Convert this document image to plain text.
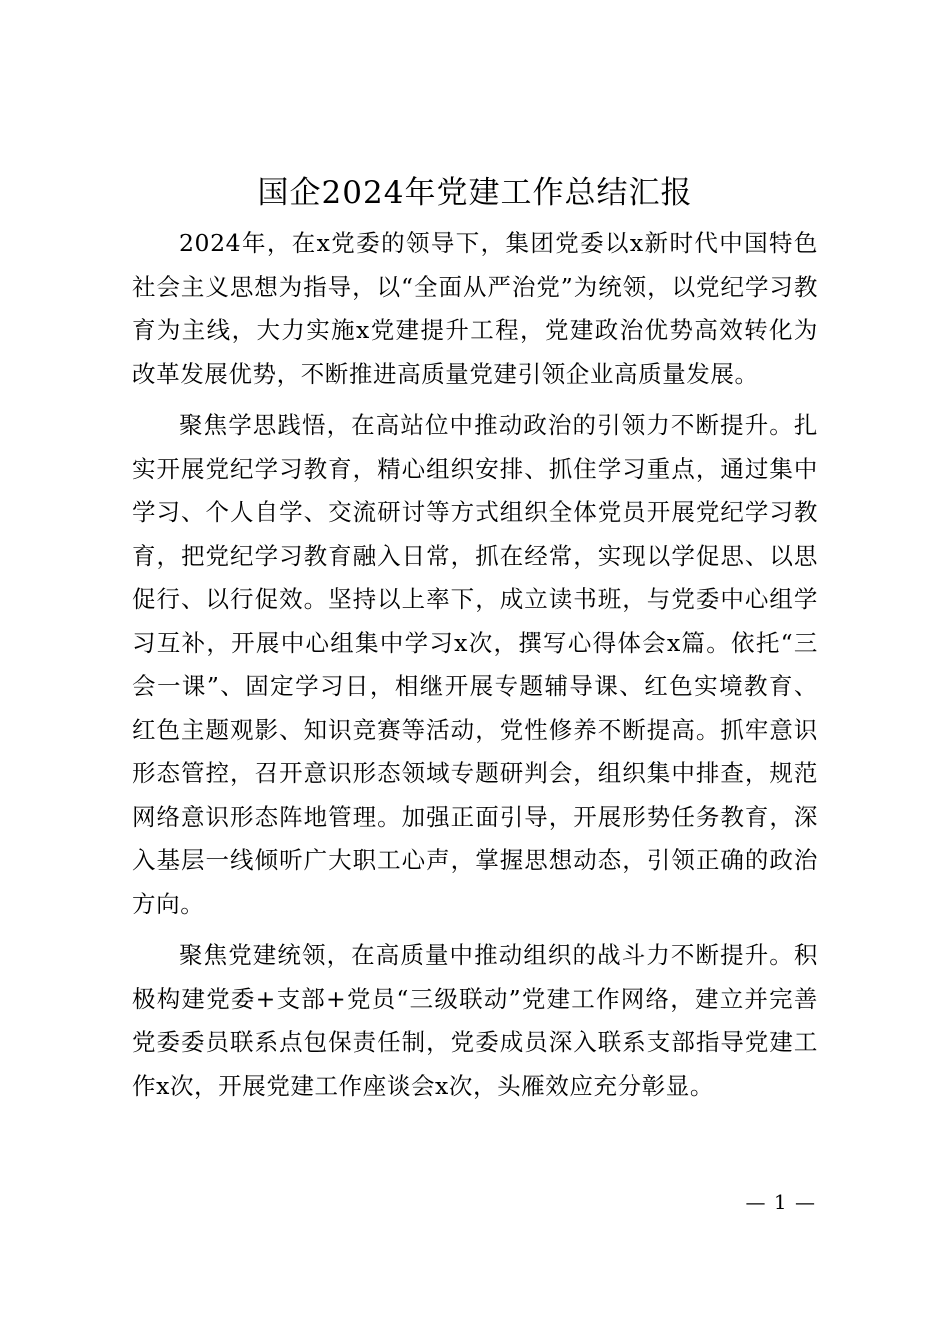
国企2024年党建工作总结汇报

2024年，在x党委的领导下，集团党委以x新时代中国特色社会主义思想为指导，以“全面从严治党”为统领，以党纪学习教育为主线，大力实施x党建提升工程，党建政治优势高效转化为改革发展优势，不断推进高质量党建引领企业高质量发展。

聚焦学思践悟，在高站位中推动政治的引领力不断提升。扎实开展党纪学习教育，精心组织安排、抓住学习重点，通过集中学习、个人自学、交流研讨等方式组织全体党员开展党纪学习教育，把党纪学习教育融入日常，抓在经常，实现以学促思、以思促行、以行促效。坚持以上率下，成立读书班，与党委中心组学习互补，开展中心组集中学习x次，撰写心得体会x篇。依托“三会一课”、固定学习日，相继开展专题辅导课、红色实境教育、红色主题观影、知识竞赛等活动，党性修养不断提高。抓牢意识形态管控，召开意识形态领域专题研判会，组织集中排查，规范网络意识形态阵地管理。加强正面引导，开展形势任务教育，深入基层一线倾听广大职工心声，掌握思想动态，引领正确的政治方向。

聚焦党建统领，在高质量中推动组织的战斗力不断提升。积极构建党委+支部+党员“三级联动”党建工作网络，建立并完善党委委员联系点包保责任制，党委成员深入联系支部指导党建工作x次，开展党建工作座谈会x次，头雁效应充分彰显。

— 1 —
